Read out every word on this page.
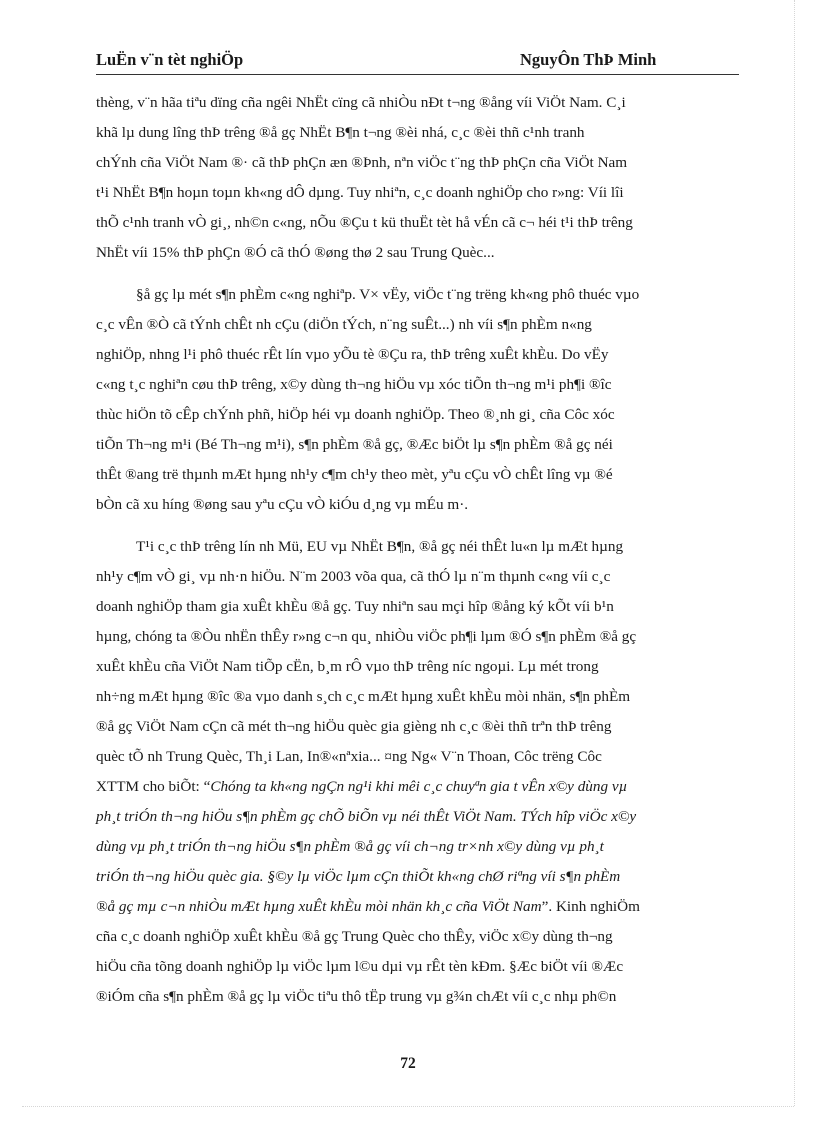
LuËn v¨n tèt nghiÖp	NguyÔn ThÞ Minh

thèng, v¨n hãa tiªu dïng cña ngêi NhËt cïng cã nhiÒu nÐt t¬ng ®ång víi ViÖt Nam. C¸i
khã lµ dung lîng thÞ trêng ®å gç NhËt B¶n t¬ng ®èi nhá, c¸c ®èi thñ c¹nh tranh
chÝnh cña ViÖt Nam ®· cã thÞ phÇn æn ®Þnh, nªn viÖc t¨ng thÞ phÇn cña ViÖt Nam
t¹i NhËt B¶n hoµn toµn kh«ng dÔ dµng. Tuy nhiªn, c¸c doanh nghiÖp cho r»ng: Víi lîi
thÕ c¹nh tranh vÒ gi¸, nh©n c«ng, nÕu ®Çu t kü thuËt tèt hå vÉn cã c¬ héi t¹i thÞ trêng
NhËt víi 15% thÞ phÇn ®Ó cã thÓ ®øng thø 2 sau Trung Quèc...

§å gç lµ mét s¶n phÈm c«ng nghiªp. V× vËy, viÖc t¨ng trëng kh«ng phô thuéc vµo
c¸c vÊn ®Ò cã tÝnh chÊt nh cÇu (diÖn tÝch, n¨ng suÊt...) nh víi s¶n phÈm n«ng
nghiÖp, nhng l¹i phô thuéc rÊt lín vµo yÕu tè ®Çu ra, thÞ trêng xuÊt khÈu. Do vËy
c«ng t¸c nghiªn cøu thÞ trêng, x©y dùng th¬ng hiÖu vµ xóc tiÕn th¬ng m¹i ph¶i ®îc
thùc hiÖn tõ cÊp chÝnh phñ, hiÖp héi vµ doanh nghiÖp. Theo ®¸nh gi¸ cña Côc xóc
tiÕn Th¬ng m¹i (Bé Th¬ng m¹i), s¶n phÈm ®å gç, ®Æc biÖt lµ s¶n phÈm ®å gç néi
thÊt ®ang trë thµnh mÆt hµng nh¹y c¶m ch¹y theo mèt, yªu cÇu vÒ chÊt lîng vµ ®é
bÒn cã xu híng ®øng sau yªu cÇu vÒ kiÓu d¸ng vµ mÉu m·.

T¹i c¸c thÞ trêng lín nh Mü, EU vµ NhËt B¶n, ®å gç néi thÊt lu«n lµ mÆt hµng
nh¹y c¶m vÒ gi¸ vµ nh·n hiÖu. N¨m 2003 võa qua, cã thÓ lµ n¨m thµnh c«ng víi c¸c
doanh nghiÖp tham gia xuÊt khÈu ®å gç. Tuy nhiªn sau mçi hîp ®ång ký kÕt víi b¹n
hµng, chóng ta ®Òu nhËn thÊy r»ng c¬n qu¸ nhiÒu viÖc ph¶i lµm ®Ó s¶n phÈm ®å gç
xuÊt khÈu cña ViÖt Nam tiÕp cËn, b¸m rÔ vµo thÞ trêng níc ngoµi. Lµ mét trong
nh÷ng mÆt hµng ®îc ®a vµo danh s¸ch c¸c mÆt hµng xuÊt khÈu mòi nhän, s¶n phÈm
®å gç ViÖt Nam cÇn cã mét th¬ng hiÖu quèc gia gièng nh c¸c ®èi thñ trªn thÞ trêng
quèc tÕ nh Trung Quèc, Th¸i Lan, In®«nªxia... ¤ng Ng« V¨n Thoan, Côc trëng Côc
XTTM cho biÕt: “Chóng ta kh«ng ngÇn ng¹i khi mêi c¸c chuyªn gia t vÊn x©y dùng vµ
ph¸t triÓn th¬ng hiÖu s¶n phÈm gç chÕ biÕn vµ néi thÊt ViÖt Nam. TÝch hîp viÖc x©y
dùng vµ ph¸t triÓn th¬ng hiÖu s¶n phÈm ®å gç víi ch¬ng tr×nh x©y dùng vµ ph¸t
triÓn th¬ng hiÖu quèc gia. §©y lµ viÖc lµm cÇn thiÕt kh«ng chØ riªng víi s¶n phÈm
®å gç mµ c¬n nhiÒu mÆt hµng xuÊt khÈu mòi nhän kh¸c cña ViÖt Nam”. Kinh nghiÖm
cña c¸c doanh nghiÖp xuÊt khÈu ®å gç Trung Quèc cho thÊy, viÖc x©y dùng th¬ng
hiÖu cña tõng doanh nghiÖp lµ viÖc lµm l©u dµi vµ rÊt tèn kÐm. §Æc biÖt víi ®Æc
®iÓm cña s¶n phÈm ®å gç lµ viÖc tiªu thô tËp trung vµ g¾n chÆt víi c¸c nhµ ph©n

72
